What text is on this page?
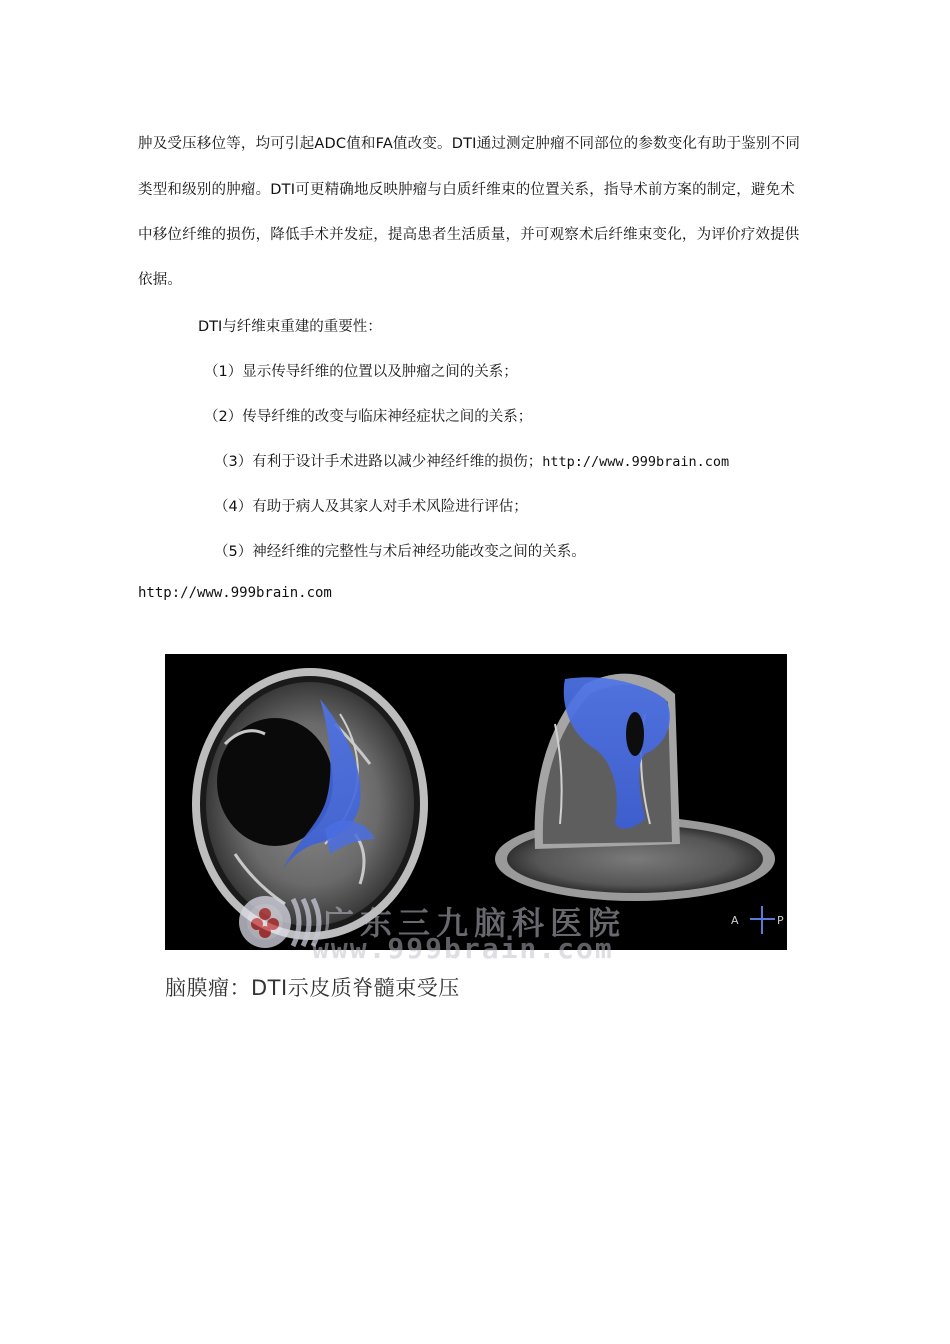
肿及受压移位等，均可引起ADC值和FA值改变。DTI通过测定肿瘤不同部位的参数变化有助于鉴别不同
类型和级别的肿瘤。DTI可更精确地反映肿瘤与白质纤维束的位置关系，指导术前方案的制定，避免术
中移位纤维的损伤，降低手术并发症，提高患者生活质量，并可观察术后纤维束变化，为评价疗效提供
依据。
DTI与纤维束重建的重要性：
（1）显示传导纤维的位置以及肿瘤之间的关系；
（2）传导纤维的改变与临床神经症状之间的关系；
（3）有利于设计手术进路以减少神经纤维的损伤；http://www.999brain.com
（4）有助于病人及其家人对手术风险进行评估；
（5）神经纤维的完整性与术后神经功能改变之间的关系。
http://www.999brain.com
A	P
广东三九脑科医院
www.999brain.com
脑膜瘤：DTI示皮质脊髓束受压
